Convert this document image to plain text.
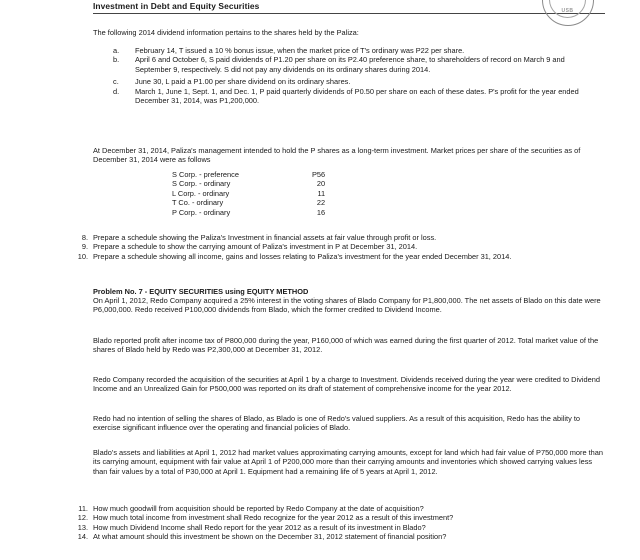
Investment in Debt and Equity Securities	USB

The following 2014 dividend information pertains to the shares held by the Paliza:

a. February 14, T issued a 10 % bonus issue, when the market price of T's ordinary was P22 per share.
b. April 6 and October 6, S paid dividends of P1.20 per share on its P2.40 preference share, to shareholders of record on March 9 and September 9, respectively. S did not pay any dividends on its ordinary shares during 2014.
c. June 30, L paid a P1.00 per share dividend on its ordinary shares.
d. March 1, June 1, Sept. 1, and Dec. 1, P paid quarterly dividends of P0.50 per share on each of these dates. P's profit for the year ended December 31, 2014, was P1,200,000.

At December 31, 2014, Paliza's management intended to hold the P shares as a long-term investment. Market prices per share of the securities as of December 31, 2014 were as follows

S Corp. - preference	P56
S Corp. - ordinary	20
L Corp. - ordinary	11
T Co. - ordinary	22
P Corp. - ordinary	16
8. Prepare a schedule showing the Paliza's Investment in financial assets at fair value through profit or loss.
9. Prepare a schedule to show the carrying amount of Paliza's investment in P at December 31, 2014.
10. Prepare a schedule showing all income, gains and losses relating to Paliza's investment for the year ended December 31, 2014.
Problem No. 7 - EQUITY SECURITIES using EQUITY METHOD

On April 1, 2012, Redo Company acquired a 25% interest in the voting shares of Blado Company for P1,800,000. The net assets of Blado on this date were P6,000,000. Redo received P100,000 dividends from Blado, which the former credited to Dividend Income.

Blado reported profit after income tax of P800,000 during the year, P160,000 of which was earned during the first quarter of 2012. Total market value of the shares of Blado held by Redo was P2,300,000 at December 31, 2012.

Redo Company recorded the acquisition of the securities at April 1 by a charge to Investment. Dividends received during the year were credited to Dividend Income and an Unrealized Gain for P500,000 was reported on its draft of statement of comprehensive income for the year 2012.

Redo had no intention of selling the shares of Blado, as Blado is one of Redo's valued suppliers. As a result of this acquisition, Redo has the ability to exercise significant influence over the operating and financial policies of Blado.

Blado's assets and liabilities at April 1, 2012 had market values approximating carrying amounts, except for land which had fair value of P750,000 more than its carrying amount, equipment with fair value at April 1 of P200,000 more than their carrying amounts and inventories which showed carrying values less than fair values by a total of P30,000 at April 1. Equipment had a remaining life of 5 years at April 1, 2012.

11. How much goodwill from acquisition should be reported by Redo Company at the date of acquisition?
12. How much total income from investment shall Redo recognize for the year 2012 as a result of this investment?
13. How much Dividend Income shall Redo report for the year 2012 as a result of its investment in Blado?
14. At what amount should this investment be shown on the December 31, 2012 statement of financial position?
